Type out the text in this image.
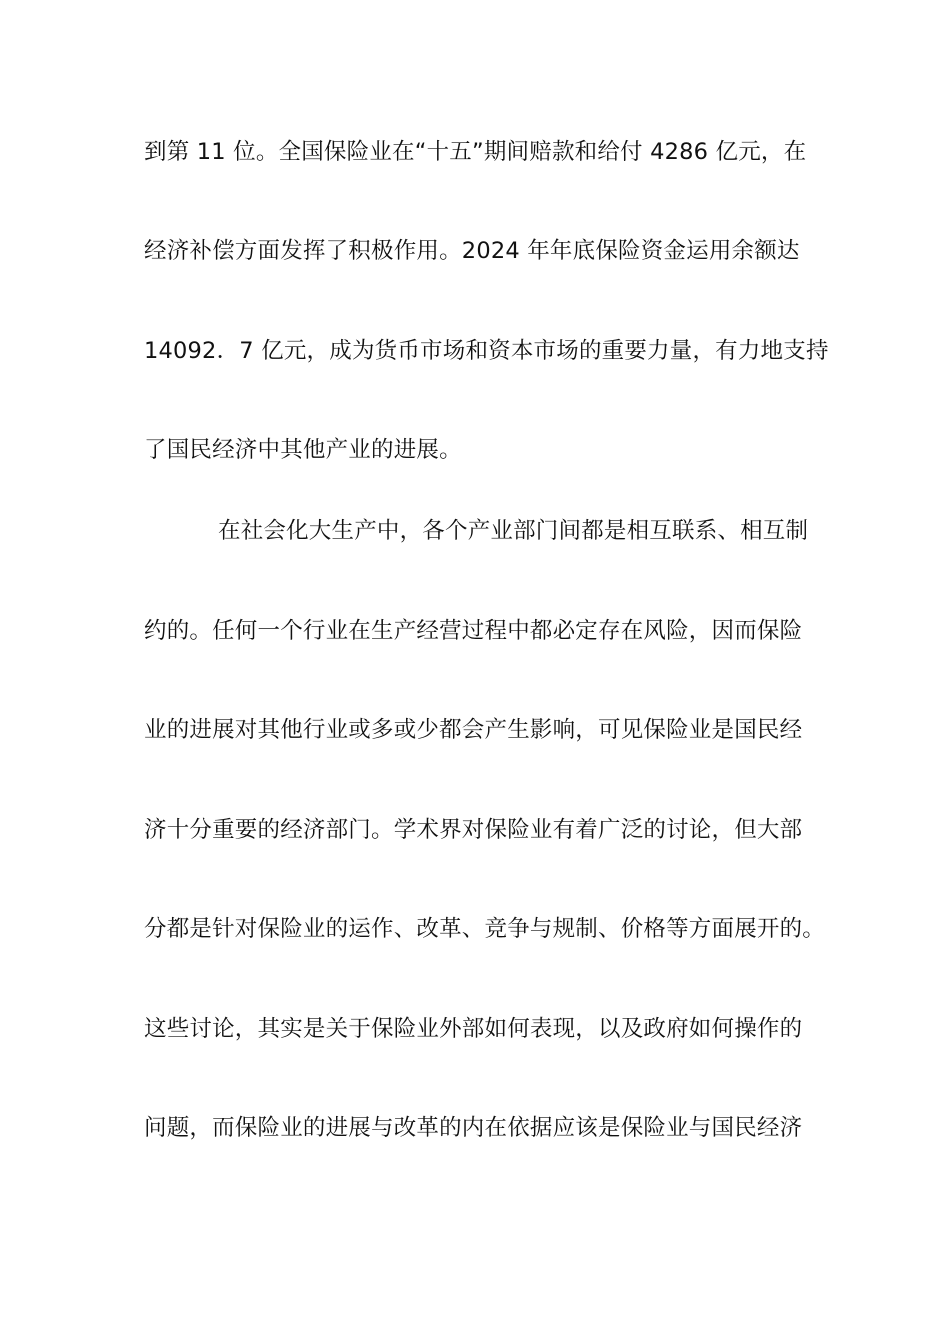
到第 11 位。全国保险业在“十五”期间赔款和给付 4286 亿元，在
经济补偿方面发挥了积极作用。2024 年年底保险资金运用余额达
14092．7 亿元，成为货币市场和资本市场的重要力量，有力地支持
了国民经济中其他产业的进展。
在社会化大生产中，各个产业部门间都是相互联系、相互制
约的。任何一个行业在生产经营过程中都必定存在风险，因而保险
业的进展对其他行业或多或少都会产生影响，可见保险业是国民经
济十分重要的经济部门。学术界对保险业有着广泛的讨论，但大部
分都是针对保险业的运作、改革、竞争与规制、价格等方面展开的。
这些讨论，其实是关于保险业外部如何表现，以及政府如何操作的
问题，而保险业的进展与改革的内在依据应该是保险业与国民经济
